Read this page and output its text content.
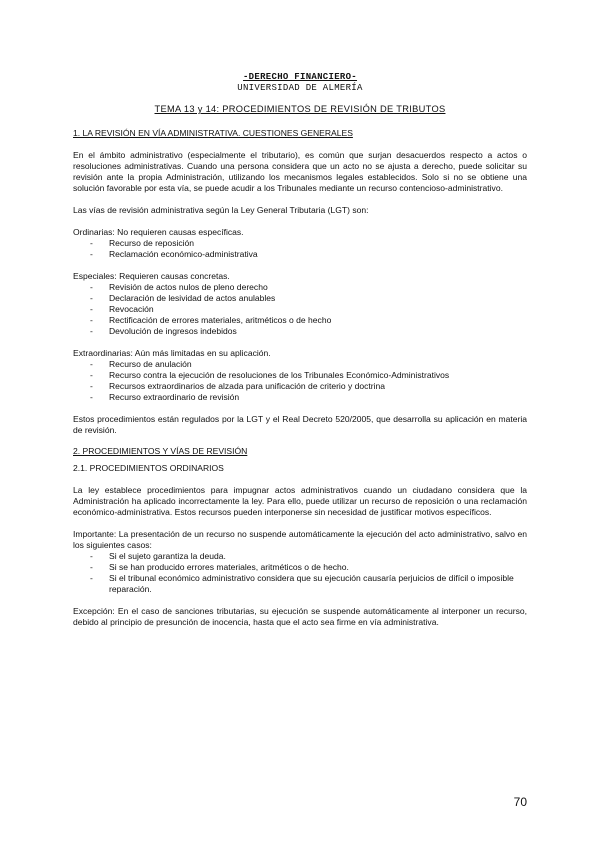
-DERECHO FINANCIERO-
UNIVERSIDAD DE ALMERÍA
TEMA 13 y 14: PROCEDIMIENTOS DE REVISIÓN DE TRIBUTOS
1. LA REVISIÓN EN VÍA ADMINISTRATIVA. CUESTIONES GENERALES

En el ámbito administrativo (especialmente el tributario), es común que surjan desacuerdos respecto a actos o resoluciones administrativas. Cuando una persona considera que un acto no se ajusta a derecho, puede solicitar su revisión ante la propia Administración, utilizando los mecanismos legales establecidos. Solo si no se obtiene una solución favorable por esta vía, se puede acudir a los Tribunales mediante un recurso contencioso-administrativo.

Las vías de revisión administrativa según la Ley General Tributaria (LGT) son:

Ordinarias: No requieren causas específicas.

- Recurso de reposición
- Reclamación económico-administrativa

Especiales: Requieren causas concretas.

- Revisión de actos nulos de pleno derecho
- Declaración de lesividad de actos anulables
- Revocación
- Rectificación de errores materiales, aritméticos o de hecho
- Devolución de ingresos indebidos

Extraordinarias: Aún más limitadas en su aplicación.

- Recurso de anulación
- Recurso contra la ejecución de resoluciones de los Tribunales Económico-Administrativos
- Recursos extraordinarios de alzada para unificación de criterio y doctrina
- Recurso extraordinario de revisión

Estos procedimientos están regulados por la LGT y el Real Decreto 520/2005, que desarrolla su aplicación en materia de revisión.

2. PROCEDIMIENTOS Y VÍAS DE REVISIÓN
2.1. PROCEDIMIENTOS ORDINARIOS

La ley establece procedimientos para impugnar actos administrativos cuando un ciudadano considera que la Administración ha aplicado incorrectamente la ley. Para ello, puede utilizar un recurso de reposición o una reclamación económico-administrativa. Estos recursos pueden interponerse sin necesidad de justificar motivos específicos.

Importante: La presentación de un recurso no suspende automáticamente la ejecución del acto administrativo, salvo en los siguientes casos:

- Si el sujeto garantiza la deuda.
- Si se han producido errores materiales, aritméticos o de hecho.
- Si el tribunal económico administrativo considera que su ejecución causaría perjuicios de difícil o imposible reparación.

Excepción: En el caso de sanciones tributarias, su ejecución se suspende automáticamente al interponer un recurso, debido al principio de presunción de inocencia, hasta que el acto sea firme en vía administrativa.

70
